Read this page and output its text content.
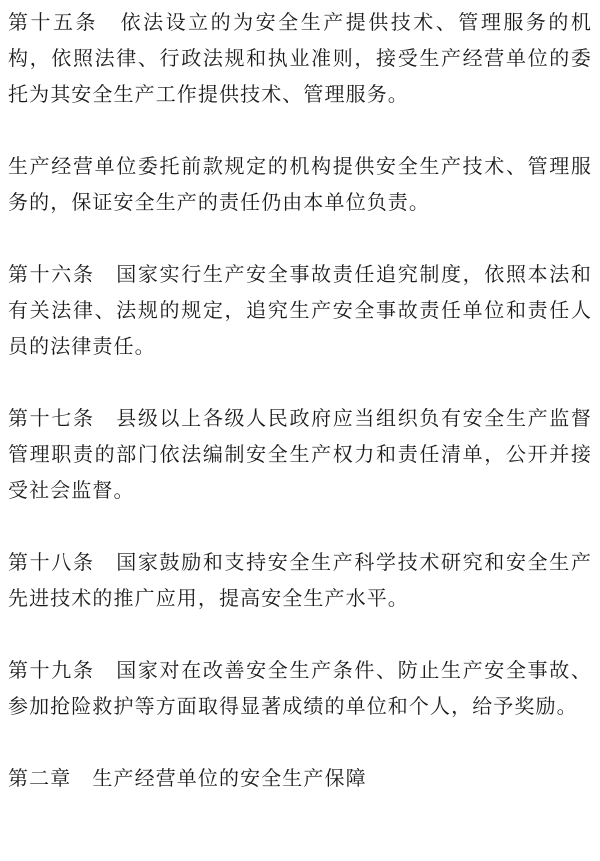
第十五条　依法设立的为安全生产提供技术、管理服务的机构，依照法律、行政法规和执业准则，接受生产经营单位的委托为其安全生产工作提供技术、管理服务。

生产经营单位委托前款规定的机构提供安全生产技术、管理服务的，保证安全生产的责任仍由本单位负责。

第十六条　国家实行生产安全事故责任追究制度，依照本法和有关法律、法规的规定，追究生产安全事故责任单位和责任人员的法律责任。

第十七条　县级以上各级人民政府应当组织负有安全生产监督管理职责的部门依法编制安全生产权力和责任清单，公开并接受社会监督。

第十八条　国家鼓励和支持安全生产科学技术研究和安全生产先进技术的推广应用，提高安全生产水平。

第十九条　国家对在改善安全生产条件、防止生产安全事故、参加抢险救护等方面取得显著成绩的单位和个人，给予奖励。

第二章　生产经营单位的安全生产保障
